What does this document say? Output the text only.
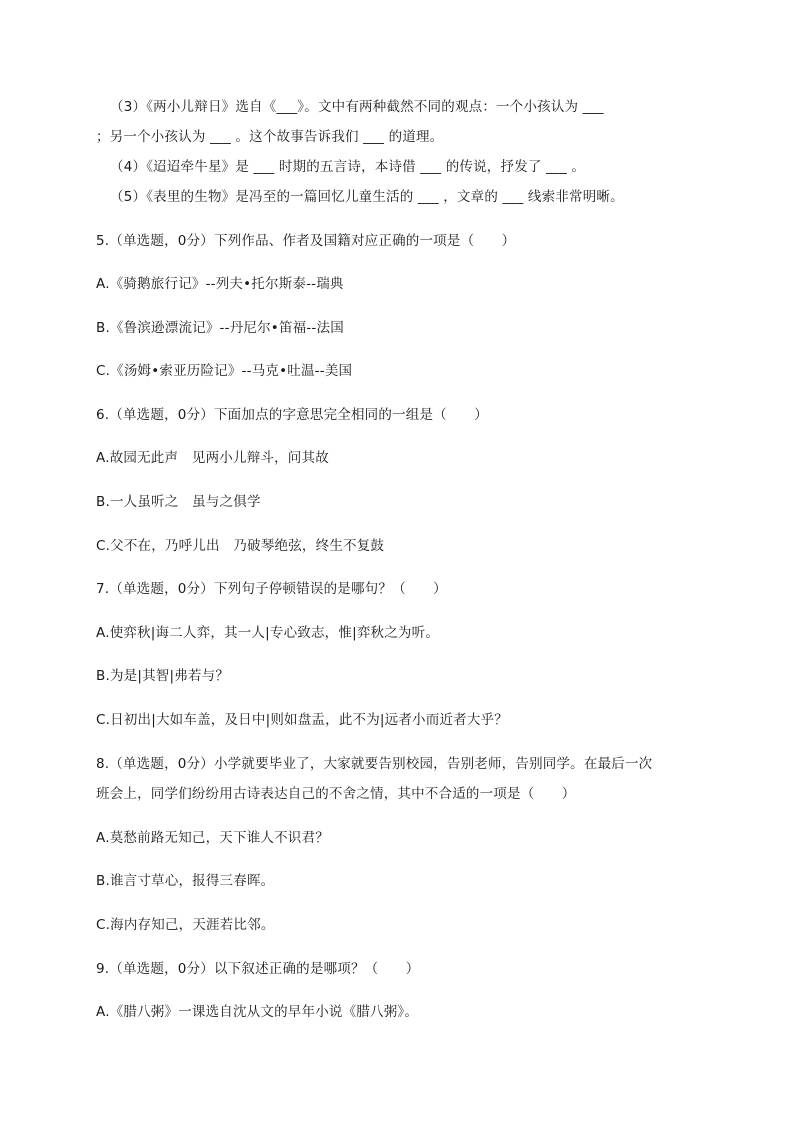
（3）《两小儿辩日》选自《___》。文中有两种截然不同的观点：一个小孩认为 ___
；另一个小孩认为 ___ 。这个故事告诉我们 ___ 的道理。
（4）《迢迢牵牛星》是 ___ 时期的五言诗，本诗借 ___ 的传说，抒发了 ___ 。
（5）《表里的生物》是冯至的一篇回忆儿童生活的 ___ ，文章的 ___ 线索非常明晰。
5.（单选题，0分）下列作品、作者及国籍对应正确的一项是（　　）
A.《骑鹅旅行记》--列夫•托尔斯泰--瑞典
B.《鲁滨逊漂流记》--丹尼尔•笛福--法国
C.《汤姆•索亚历险记》--马克•吐温--美国
6.（单选题，0分）下面加点的字意思完全相同的一组是（　　）
A.故园无此声　见两小儿辩斗，问其故
B.一人虽听之　虽与之俱学
C.父不在，乃呼儿出　乃破琴绝弦，终生不复鼓
7.（单选题，0分）下列句子停顿错误的是哪句？（　　）
A.使弈秋|诲二人弈，其一人|专心致志，惟|弈秋之为听。
B.为是|其智|弗若与？
C.日初出|大如车盖，及日中|则如盘盂，此不为|远者小而近者大乎？
8.（单选题，0分）小学就要毕业了，大家就要告别校园，告别老师，告别同学。在最后一次
班会上，同学们纷纷用古诗表达自己的不舍之情，其中不合适的一项是（　　）
A.莫愁前路无知己，天下谁人不识君？
B.谁言寸草心，报得三春晖。
C.海内存知己，天涯若比邻。
9.（单选题，0分）以下叙述正确的是哪项？（　　）
A.《腊八粥》一课选自沈从文的早年小说《腊八粥》。
